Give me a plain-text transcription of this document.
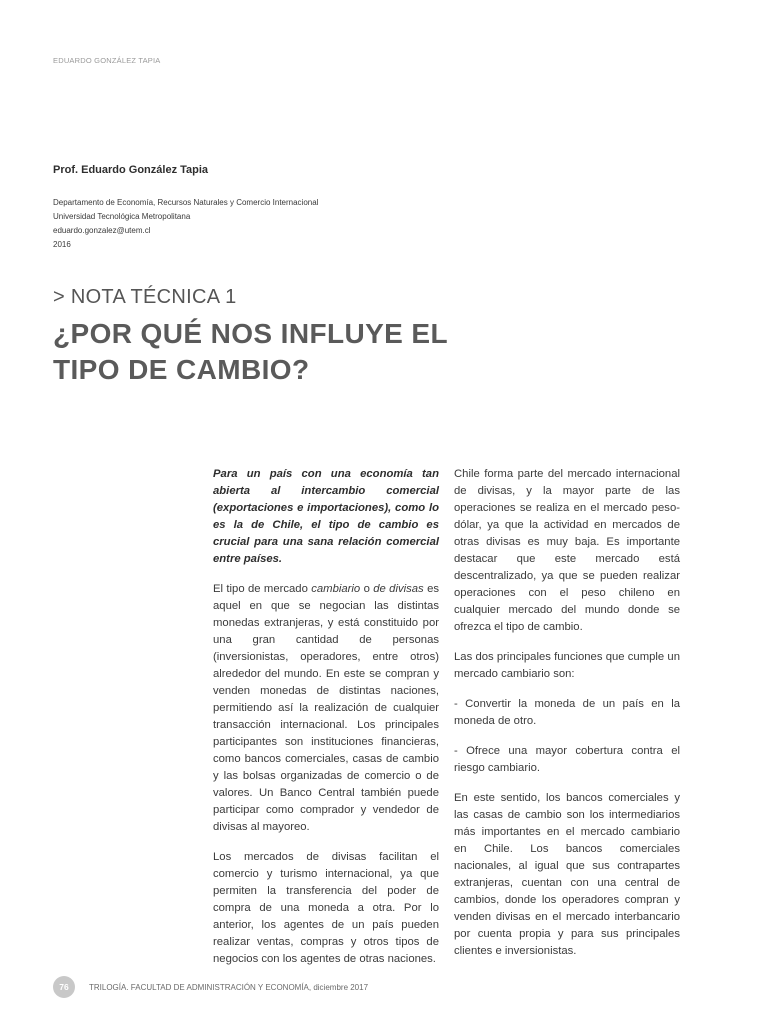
EDUARDO GONZÁLEZ TAPIA
Prof. Eduardo González Tapia
Departamento de Economía, Recursos Naturales y Comercio Internacional
Universidad Tecnológica Metropolitana
eduardo.gonzalez@utem.cl
2016
> NOTA TÉCNICA 1
¿POR QUÉ NOS INFLUYE EL
TIPO DE CAMBIO?

Para un país con una economía tan abierta al intercambio comercial (exportaciones e importaciones), como lo es la de Chile, el tipo de cambio es crucial para una sana relación comercial entre países.

El tipo de mercado cambiario o de divisas es aquel en que se negocian las distintas monedas extranjeras, y está constituido por una gran cantidad de personas (inversionistas, operadores, entre otros) alrededor del mundo. En este se compran y venden monedas de distintas naciones, permitiendo así la realización de cualquier transacción internacional. Los principales participantes son instituciones financieras, como bancos comerciales, casas de cambio y las bolsas organizadas de comercio o de valores. Un Banco Central también puede participar como comprador y vendedor de divisas al mayoreo.

Los mercados de divisas facilitan el comercio y turismo internacional, ya que permiten la transferencia del poder de compra de una moneda a otra. Por lo anterior, los agentes de un país pueden realizar ventas, compras y otros tipos de negocios con los agentes de otras naciones.

Chile forma parte del mercado internacional de divisas, y la mayor parte de las operaciones se realiza en el mercado peso-dólar, ya que la actividad en mercados de otras divisas es muy baja. Es importante destacar que este mercado está descentralizado, ya que se pueden realizar operaciones con el peso chileno en cualquier mercado del mundo donde se ofrezca el tipo de cambio.

Las dos principales funciones que cumple un mercado cambiario son:

- Convertir la moneda de un país en la moneda de otro.

- Ofrece una mayor cobertura contra el riesgo cambiario.

En este sentido, los bancos comerciales y las casas de cambio son los intermediarios más importantes en el mercado cambiario en Chile. Los bancos comerciales nacionales, al igual que sus contrapartes extranjeras, cuentan con una central de cambios, donde los operadores compran y venden divisas en el mercado interbancario por cuenta propia y para sus principales clientes e inversionistas.

76	TRILOGÍA. FACULTAD DE ADMINISTRACIÓN Y ECONOMÍA, diciembre 2017
